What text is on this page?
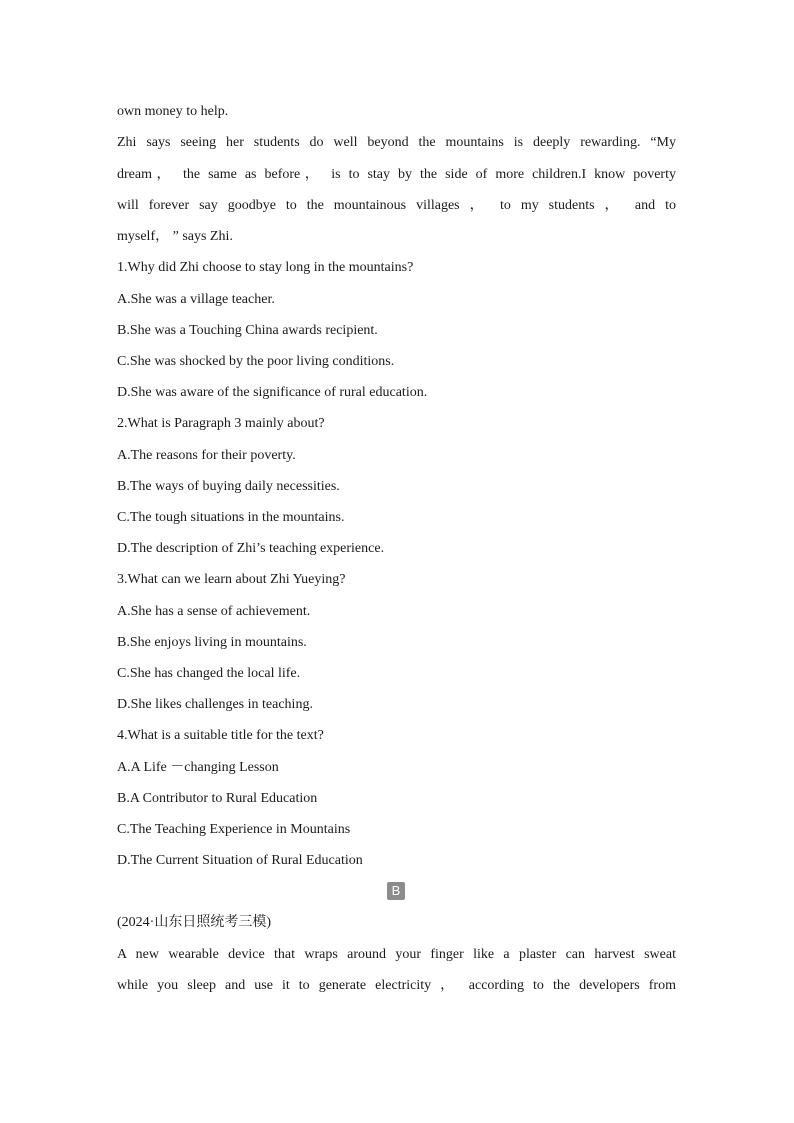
own money to help.
Zhi says seeing her students do well beyond the mountains is deeply rewarding. “My
dream， the same as before， is to stay by the side of more children.I know poverty
will forever say goodbye to the mountainous villages ， to my students ， and to
myself， ” says Zhi.
1.Why did Zhi choose to stay long in the mountains?
A.She was a village teacher.
B.She was a Touching China awards recipient.
C.She was shocked by the poor living conditions.
D.She was aware of the significance of rural education.
2.What is Paragraph 3 mainly about?
A.The reasons for their poverty.
B.The ways of buying daily necessities.
C.The tough situations in the mountains.
D.The description of Zhi’s teaching experience.
3.What can we learn about Zhi Yueying?
A.She has a sense of achievement.
B.She enjoys living in mountains.
C.She has changed the local life.
D.She likes challenges in teaching.
4.What is a suitable title for the text?
A.A Life －changing Lesson
B.A Contributor to Rural Education
C.The Teaching Experience in Mountains
D.The Current Situation of Rural Education
B
(2024·山东日照统考三模)
A new wearable device that wraps around your finger like a plaster can harvest sweat
while you sleep and use it to generate electricity ， according to the developers from
